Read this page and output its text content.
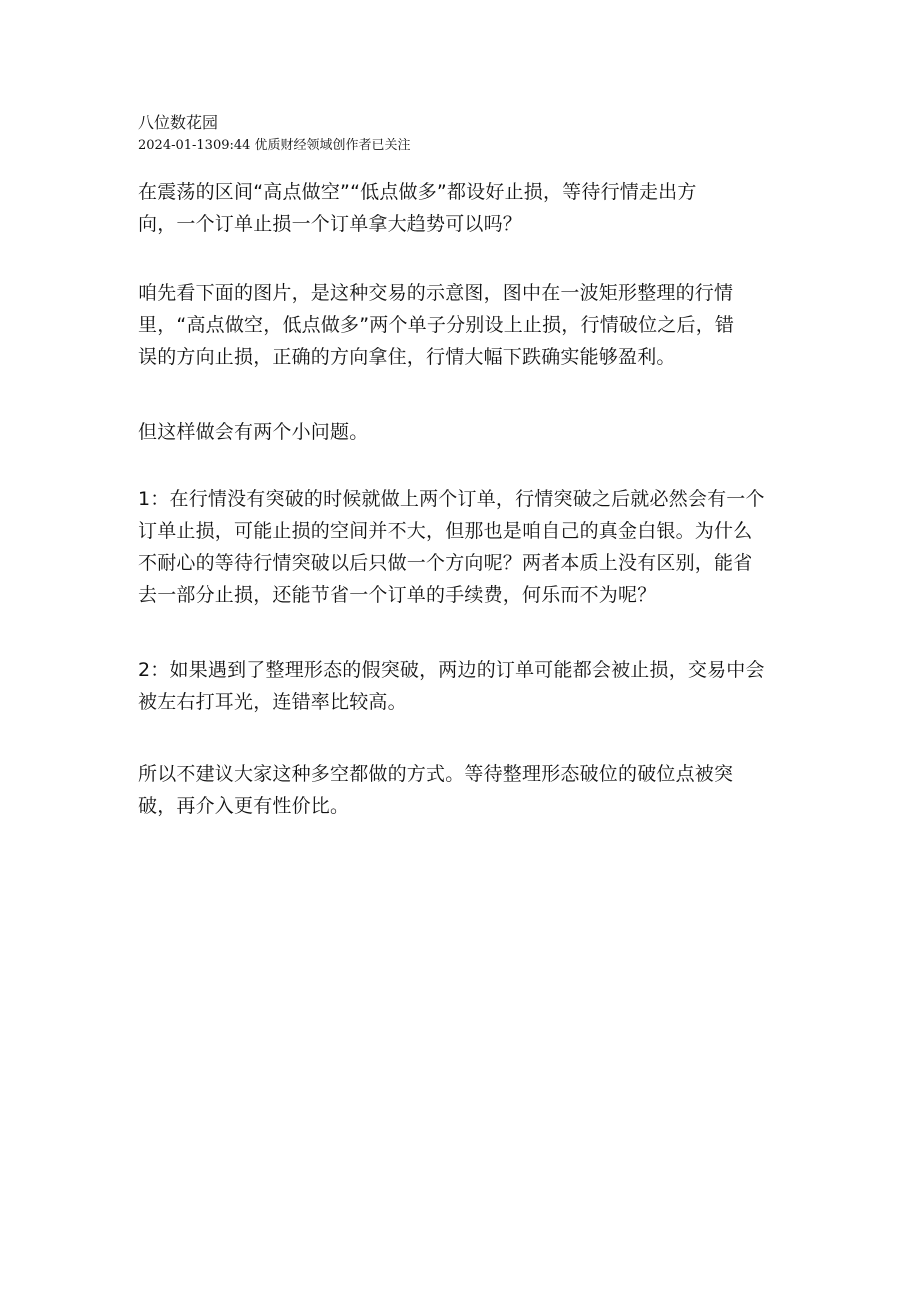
八位数花园
2024-01-1309:44 优质财经领域创作者已关注

在震荡的区间“高点做空”“低点做多”都设好止损，等待行情走出方
向，一个订单止损一个订单拿大趋势可以吗？

咱先看下面的图片，是这种交易的示意图，图中在一波矩形整理的行情
里，“高点做空，低点做多”两个单子分别设上止损，行情破位之后，错
误的方向止损，正确的方向拿住，行情大幅下跌确实能够盈利。

但这样做会有两个小问题。

1：在行情没有突破的时候就做上两个订单，行情突破之后就必然会有一个
订单止损，可能止损的空间并不大，但那也是咱自己的真金白银。为什么
不耐心的等待行情突破以后只做一个方向呢？两者本质上没有区别，能省
去一部分止损，还能节省一个订单的手续费，何乐而不为呢？

2：如果遇到了整理形态的假突破，两边的订单可能都会被止损，交易中会
被左右打耳光，连错率比较高。

所以不建议大家这种多空都做的方式。等待整理形态破位的破位点被突
破，再介入更有性价比。
